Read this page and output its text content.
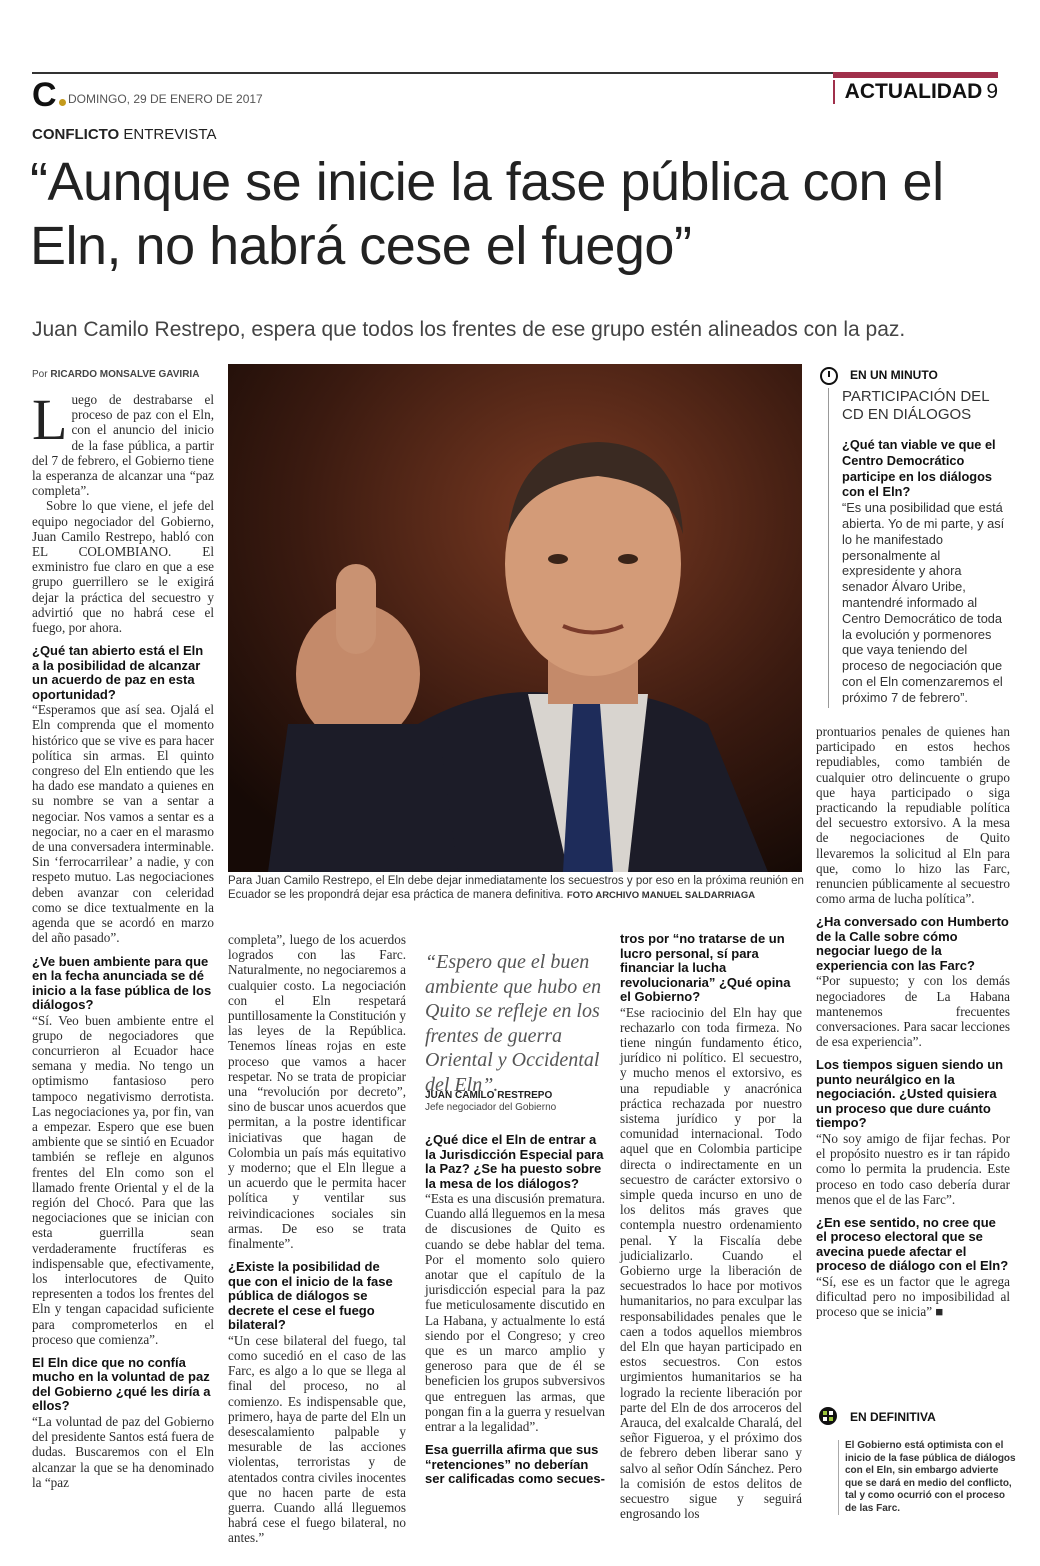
C DOMINGO, 29 DE ENERO DE 2017	ACTUALIDAD 9
CONFLICTO ENTREVISTA
“Aunque se inicie la fase pública con el Eln, no habrá cese el fuego”
Juan Camilo Restrepo, espera que todos los frentes de ese grupo estén alineados con la paz.
Por RICARDO MONSALVE GAVIRIA

Luego de destrabarse el proceso de paz con el Eln, con el anuncio del inicio de la fase pública, a partir del 7 de febrero, el Gobierno tiene la esperanza de alcanzar una “paz completa”.

Sobre lo que viene, el jefe del equipo negociador del Gobierno, Juan Camilo Restrepo, habló con EL COLOMBIANO. El exministro fue claro en que a ese grupo guerrillero se le exigirá dejar la práctica del secuestro y advirtió que no habrá cese el fuego, por ahora.

¿Qué tan abierto está el Eln a la posibilidad de alcanzar un acuerdo de paz en esta oportunidad?

“Esperamos que así sea. Ojalá el Eln comprenda que el momento histórico que se vive es para hacer política sin armas. El quinto congreso del Eln entiendo que les ha dado ese mandato a quienes en su nombre se van a sentar a negociar. Nos vamos a sentar es a negociar, no a caer en el marasmo de una conversadera interminable. Sin ‘ferrocarrilear’ a nadie, y con respeto mutuo. Las negociaciones deben avanzar con celeridad como se dice textualmente en la agenda que se acordó en marzo del año pasado”.

¿Ve buen ambiente para que en la fecha anunciada se dé inicio a la fase pública de los diálogos?

“Sí. Veo buen ambiente entre el grupo de negociadores que concurrieron al Ecuador hace semana y media. No tengo un optimismo fantasioso pero tampoco negativismo derrotista. Las negociaciones ya, por fin, van a empezar. Espero que ese buen ambiente que se sintió en Ecuador también se refleje en algunos frentes del Eln como son el llamado frente Oriental y el de la región del Chocó. Para que las negociaciones que se inician con esta guerrilla sean verdaderamente fructíferas es indispensable que, efectivamente, los interlocutores de Quito representen a todos los frentes del Eln y tengan capacidad suficiente para comprometerlos en el proceso que comienza”.

El Eln dice que no confía mucho en la voluntad de paz del Gobierno ¿qué les diría a ellos?

“La voluntad de paz del Gobierno del presidente Santos está fuera de dudas. Buscaremos con el Eln alcanzar la que se ha denominado la “paz

Para Juan Camilo Restrepo, el Eln debe dejar inmediatamente los secuestros y por eso en la próxima reunión en Ecuador se les propondrá dejar esa práctica de manera definitiva. FOTO ARCHIVO MANUEL SALDARRIAGA

completa”, luego de los acuerdos logrados con las Farc. Naturalmente, no negociaremos a cualquier costo. La negociación con el Eln respetará puntillosamente la Constitución y las leyes de la República. Tenemos líneas rojas en este proceso que vamos a hacer respetar. No se trata de propiciar una “revolución por decreto”, sino de buscar unos acuerdos que permitan, a la postre identificar iniciativas que hagan de Colombia un país más equitativo y moderno; que el Eln llegue a un acuerdo que le permita hacer política y ventilar sus reivindicaciones sociales sin armas. De eso se trata finalmente”.

¿Existe la posibilidad de que con el inicio de la fase pública de diálogos se decrete el cese el fuego bilateral?

“Un cese bilateral del fuego, tal como sucedió en el caso de las Farc, es algo a lo que se llega al final del proceso, no al comienzo. Es indispensable que, primero, haya de parte del Eln un desescalamiento palpable y mesurable de las acciones violentas, terroristas y de atentados contra civiles inocentes que no hacen parte de esta guerra. Cuando allá lleguemos habrá cese el fuego bilateral, no antes.”

“Espero que el buen ambiente que hubo en Quito se refleje en los frentes de guerra Oriental y Occidental del Eln”.
JUAN CAMILO RESTREPO
Jefe negociador del Gobierno

¿Qué dice el Eln de entrar a la Jurisdicción Especial para la Paz? ¿Se ha puesto sobre la mesa de los diálogos?

“Esta es una discusión prematura. Cuando allá lleguemos en la mesa de discusiones de Quito es cuando se debe hablar del tema. Por el momento solo quiero anotar que el capítulo de la jurisdicción especial para la paz fue meticulosamente discutido en La Habana, y actualmente lo está siendo por el Congreso; y creo que es un marco amplio y generoso para que de él se beneficien los grupos subversivos que entreguen las armas, que pongan fin a la guerra y resuelvan entrar a la legalidad”.

Esa guerrilla afirma que sus “retenciones” no deberían ser calificadas como secues-

tros por “no tratarse de un lucro personal, sí para financiar la lucha revolucionaria” ¿Qué opina el Gobierno?

“Ese raciocinio del Eln hay que rechazarlo con toda firmeza. No tiene ningún fundamento ético, jurídico ni político. El secuestro, y mucho menos el extorsivo, es una repudiable y anacrónica práctica rechazada por nuestro sistema jurídico y por la comunidad internacional. Todo aquel que en Colombia participe directa o indirectamente en un secuestro de carácter extorsivo o simple queda incurso en uno de los delitos más graves que contempla nuestro ordenamiento penal. Y la Fiscalía debe judicializarlo. Cuando el Gobierno urge la liberación de secuestrados lo hace por motivos humanitarios, no para exculpar las responsabilidades penales que le caen a todos aquellos miembros del Eln que hayan participado en estos secuestros. Con estos urgimientos humanitarios se ha logrado la reciente liberación por parte del Eln de dos arroceros del Arauca, del exalcalde Charalá, del señor Figueroa, y el próximo dos de febrero deben liberar sano y salvo al señor Odín Sánchez. Pero la comisión de estos delitos de secuestro sigue y seguirá engrosando los

EN UN MINUTO
PARTICIPACIÓN DEL CD EN DIÁLOGOS
¿Qué tan viable ve que el Centro Democrático participe en los diálogos con el Eln?
“Es una posibilidad que está abierta. Yo de mi parte, y así lo he manifestado personalmente al expresidente y ahora senador Álvaro Uribe, mantendré informado al Centro Democrático de toda la evolución y pormenores que vaya teniendo del proceso de negociación que con el Eln comenzaremos el próximo 7 de febrero”.

prontuarios penales de quienes han participado en estos hechos repudiables, como también de cualquier otro delincuente o grupo que haya participado o siga practicando la repudiable política del secuestro extorsivo. A la mesa de negociaciones de Quito llevaremos la solicitud al Eln para que, como lo hizo las Farc, renuncien públicamente al secuestro como arma de lucha política”.

¿Ha conversado con Humberto de la Calle sobre cómo negociar luego de la experiencia con las Farc?

“Por supuesto; y con los demás negociadores de La Habana mantenemos frecuentes conversaciones. Para sacar lecciones de esa experiencia”.

Los tiempos siguen siendo un punto neurálgico en la negociación. ¿Usted quisiera un proceso que dure cuánto tiempo?

“No soy amigo de fijar fechas. Por el propósito nuestro es ir tan rápido como lo permita la prudencia. Este proceso en todo caso debería durar menos que el de las Farc”.

¿En ese sentido, no cree que el proceso electoral que se avecina puede afectar el proceso de diálogo con el Eln?

“Sí, ese es un factor que le agrega dificultad pero no imposibilidad al proceso que se inicia” ■

EN DEFINITIVA
El Gobierno está optimista con el inicio de la fase pública de diálogos con el Eln, sin embargo advierte que se dará en medio del conflicto, tal y como ocurrió con el proceso de las Farc.
